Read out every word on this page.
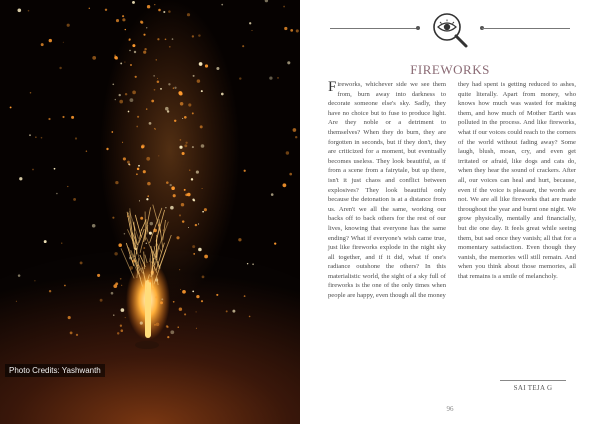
Photo Credits: Yashwanth
FIREWORKS
Fireworks, whichever side we see them from, burn away into darkness to decorate someone else's sky. Sadly, they have no choice but to fuse to produce light. Are they noble or a detriment to themselves? When they do burn, they are forgotten in seconds, but if they don't, they are criticized for a moment, but eventually becomes useless. They look beautiful, as if from a scene from a fairytale, but up there, isn't it just chaos and conflict between explosives? They look beautiful only because the detonation is at a distance from us. Aren't we all the same, working our backs off to back others for the rest of our lives, knowing that everyone has the same ending? What if everyone's wish came true, just like fireworks explode in the night sky all together, and if it did, what if one's radiance outshone the others? In this materialistic world, the sight of a sky full of fireworks is the one of the only times when people are happy, even though all the money
they had spent is getting reduced to ashes, quite literally. Apart from money, who knows how much was wasted for making them, and how much of Mother Earth was polluted in the process. And like fireworks, what if our voices could reach to the corners of the world without fading away? Some laugh, blush, moan, cry, and even get irritated or afraid, like dogs and cats do, when they hear the sound of crackers. After all, our voices can heal and hurt, because, even if the voice is pleasant, the words are not. We are all like fireworks that are made throughout the year and burnt one night. We grow physically, mentally and financially, but die one day. It feels great while seeing them, but sad once they vanish; all that for a momentary satisfaction. Even though they vanish, the memories will still remain. And when you think about those memories, all that remains is a smile of melancholy.
SAI TEJA G
96
